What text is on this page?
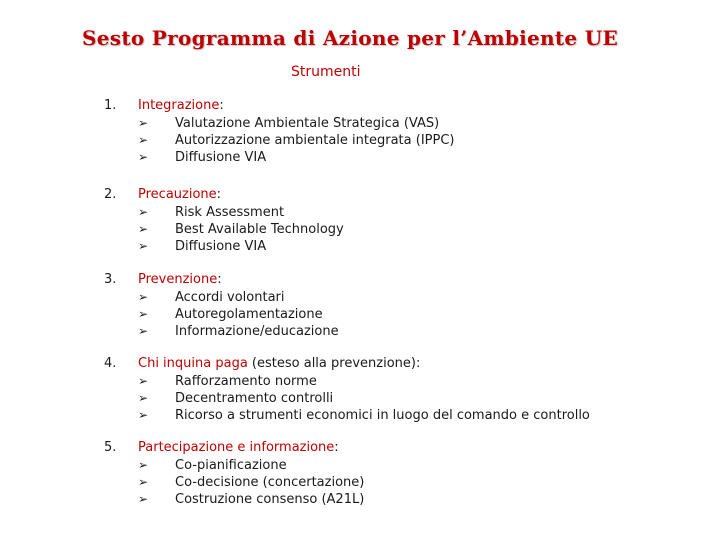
Sesto Programma di Azione per l’Ambiente UE
Strumenti
1. Integrazione:
➢	Valutazione Ambientale Strategica (VAS)
➢	Autorizzazione ambientale integrata (IPPC)
➢	Diffusione VIA
2. Precauzione:
➢	Risk Assessment
➢	Best Available Technology
➢	Diffusione VIA
3. Prevenzione:
➢	Accordi volontari
➢	Autoregolamentazione
➢	Informazione/educazione
4. Chi inquina paga (esteso alla prevenzione):
➢	Rafforzamento norme
➢	Decentramento controlli
➢	Ricorso a strumenti economici in luogo del comando e controllo
5. Partecipazione e informazione:
➢	Co-pianificazione
➢	Co-decisione (concertazione)
➢	Costruzione consenso (A21L)
